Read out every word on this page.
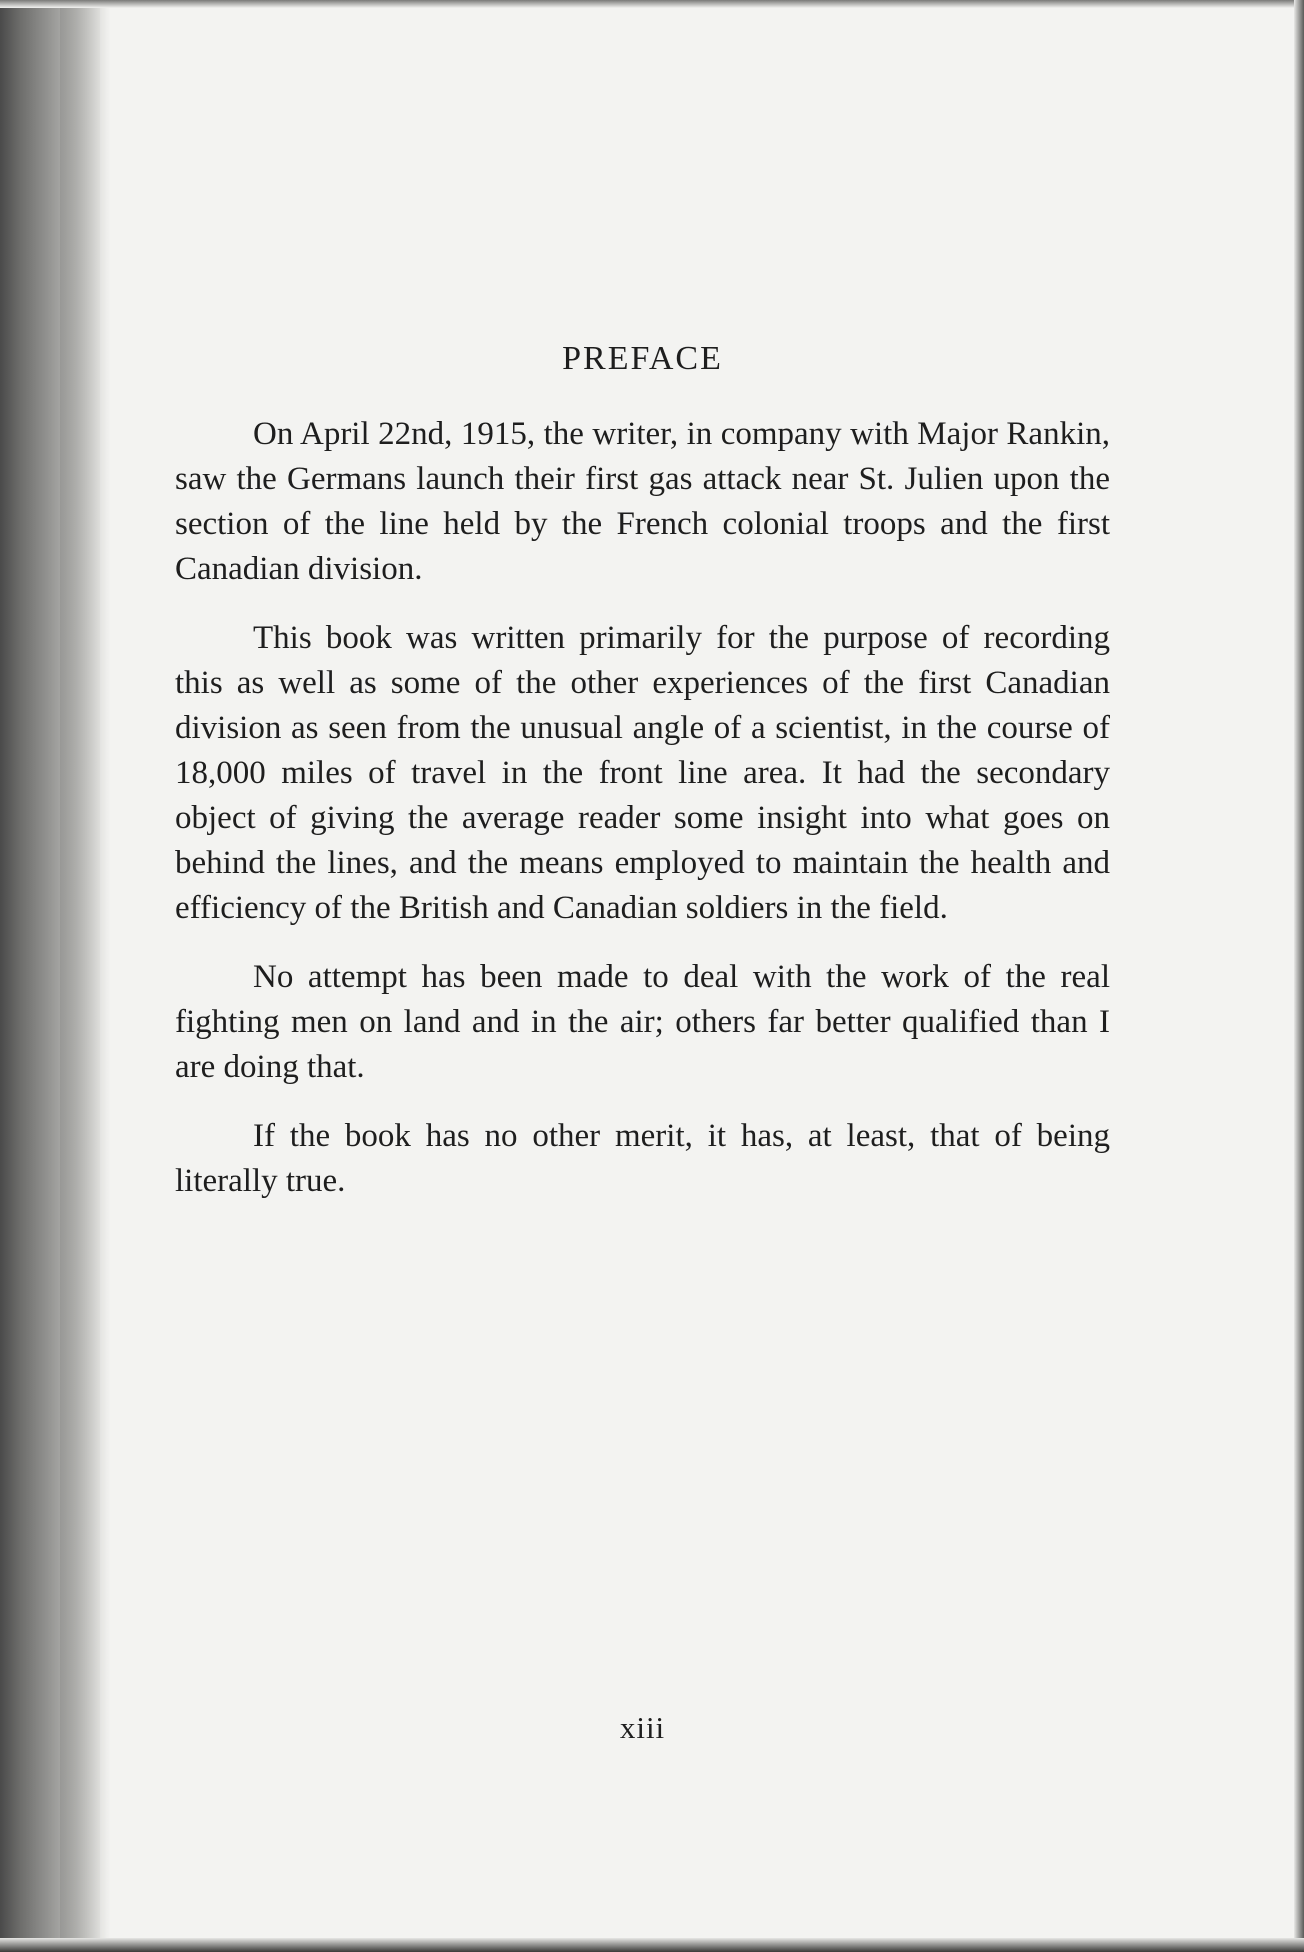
PREFACE

On April 22nd, 1915, the writer, in company with Major Rankin, saw the Germans launch their first gas attack near St. Julien upon the section of the line held by the French colonial troops and the first Canadian division.

This book was written primarily for the purpose of recording this as well as some of the other experiences of the first Canadian division as seen from the unusual angle of a scientist, in the course of 18,000 miles of travel in the front line area. It had the secondary object of giving the average reader some insight into what goes on behind the lines, and the means employed to maintain the health and efficiency of the British and Canadian soldiers in the field.

No attempt has been made to deal with the work of the real fighting men on land and in the air; others far better qualified than I are doing that.

If the book has no other merit, it has, at least, that of being literally true.

xiii
